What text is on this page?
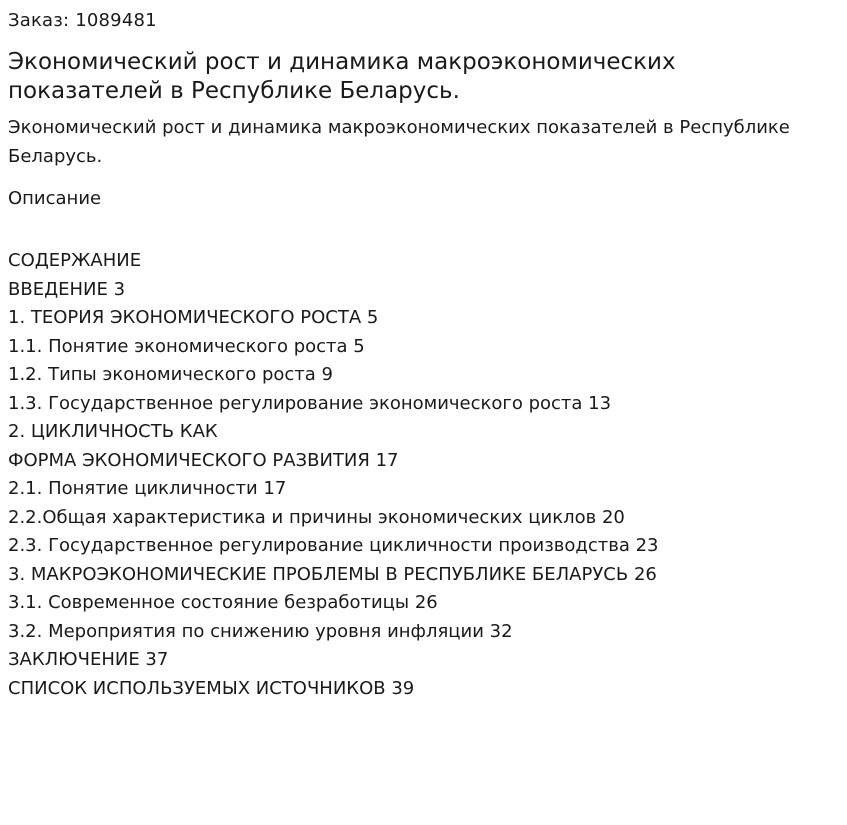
Заказ: 1089481
Экономический рост и динамика макроэкономических показателей в Республике Беларусь.

Экономический рост и динамика макроэкономических показателей в Республике Беларусь.

Описание
СОДЕРЖАНИЕ
ВВЕДЕНИЕ 3
1. ТЕОРИЯ ЭКОНОМИЧЕСКОГО РОСТА 5
1.1. Понятие экономического роста 5
1.2. Типы экономического роста 9
1.3. Государственное регулирование экономического роста 13
2. ЦИКЛИЧНОСТЬ КАК
ФОРМА ЭКОНОМИЧЕСКОГО РАЗВИТИЯ 17
2.1. Понятие цикличности 17
2.2.Общая характеристика и причины экономических циклов 20
2.3. Государственное регулирование цикличности производства 23
3. МАКРОЭКОНОМИЧЕСКИЕ ПРОБЛЕМЫ В РЕСПУБЛИКЕ БЕЛАРУСЬ 26
3.1. Современное состояние безработицы 26
3.2. Мероприятия по снижению уровня инфляции 32
ЗАКЛЮЧЕНИЕ 37
СПИСОК ИСПОЛЬЗУЕМЫХ ИСТОЧНИКОВ 39
